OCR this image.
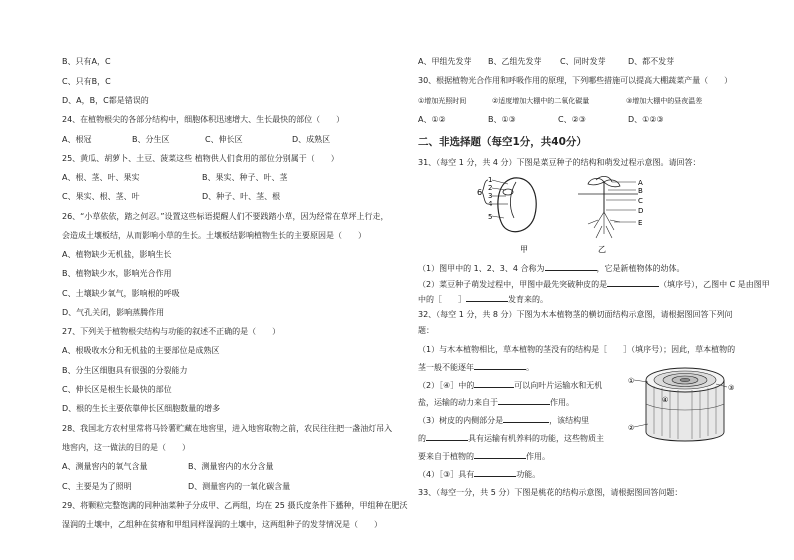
B、只有A，C
C、只有B，C
D、A，B，C都是错误的
24、在植物根尖的各部分结构中，细胞体积迅速增大、生长最快的部位（　　）
A、根冠	B、分生区	C、伸长区	D、成熟区
25、黄瓜、胡萝卜、土豆、菠菜这些 植物供人们食用的部位分别属于（　　）
A、根、茎、叶、果实	B、果实、种子、叶、茎
C、果实、根、茎、叶	D、种子、叶、茎、根
26、“小草依依，踏之何忍。”设置这些标语提醒人们不要践踏小草，因为经常在草坪上行走，
会造成土壤板结，从而影响小草的生长。土壤板结影响植物生长的主要原因是（　　）
A、植物缺少无机盐，影响生长
B、植物缺少水，影响光合作用
C、土壤缺少氧气，影响根的呼吸
D、气孔关闭，影响蒸腾作用
27、下列关于植物根尖结构与功能的叙述不正确的是（　　）
A、根吸收水分和无机盐的主要部位是成熟区
B、分生区细胞具有很强的分裂能力
C、伸长区是根生长最快的部位
D、根的生长主要依靠伸长区细胞数量的增多
28、我国北方农村里常将马铃薯贮藏在地窖里，进入地窖取物之前，农民往往把一盏油灯吊入
地窖内，这一做法的目的是（　　）
A、测量窖内的氧气含量	B、测量窖内的水分含量
C、主要是为了照明	D、测量窖内的一氧化碳含量
29、将颗粒完整饱满的同种油菜种子分成甲、乙两组，均在 25 摄氏度条件下播种，甲组种在肥沃
湿润的土壤中，乙组种在贫瘠和甲组同样湿润的土壤中，这两组种子的发芽情况是（　　）
A、甲组先发芽	B、乙组先发芽	C、同时发芽	D、都不发芽
30、根据植物光合作用和呼吸作用的原理，下列哪些措施可以提高大棚蔬菜产量（　　）
①增加光照时间	②适度增加大棚中的二氧化碳量	③增加大棚中的昼夜温差
A、①②	B、①③	C、②③	D、①②③
二、非选择题（每空1分，共40分）
31、（每空 1 分，共 4 分）下图是菜豆种子的结构和萌发过程示意图。请回答：
1
2
3
4
5
6
A
B
C
D
E
甲	乙
（1）图甲中的 1、2、3、4 合称为	，它是新植物体的幼体。
（2）菜豆种子萌发过程中，甲图中最先突破种皮的是	（填序号），乙图中 C 是由图甲
中的［　　］	发育来的。
32、（每空 1 分，共 8 分）下图为木本植物茎的横切面结构示意图，请根据图回答下列问
题：
（1）与木本植物相比，草本植物的茎没有的结构是［　　］（填序号）；因此，草本植物的
茎一般不能逐年	。
（2）［④］中的	可以向叶片运输水和无机
盐，运输的动力来自于	作用。
（3）树皮的内侧部分是	，该结构里
的	具有运输有机养料的功能，这些物质主
要来自于植物的	作用。
（4）［③］具有	功能。
①
②
③
④
33、（每空一分，共 5 分）下图是桃花的结构示意图，请根据图回答问题：
